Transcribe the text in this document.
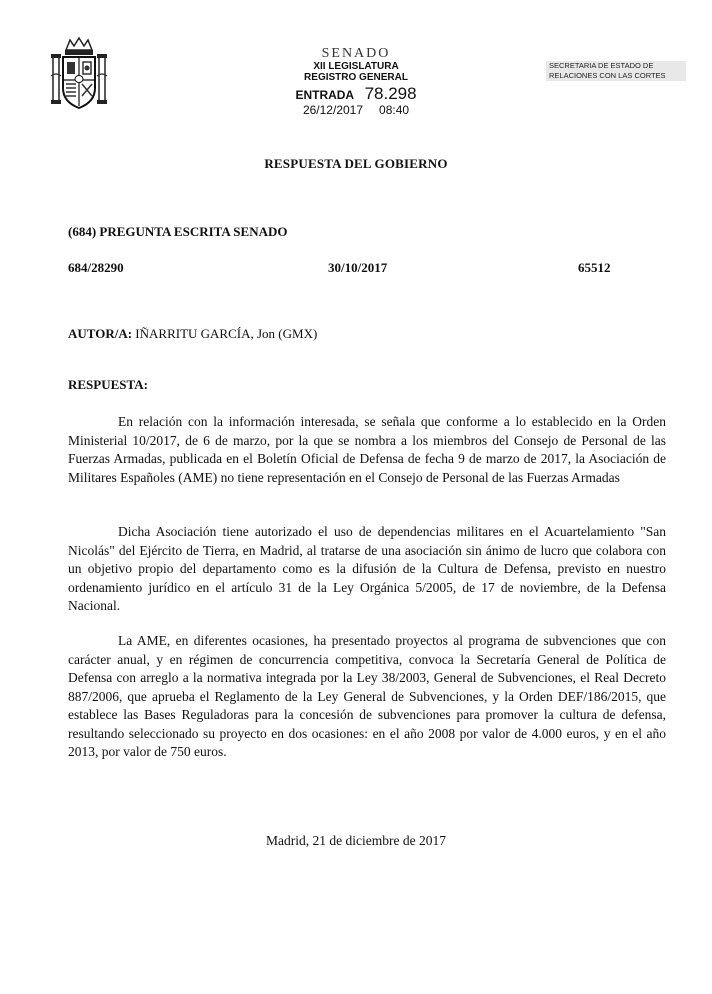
SENADO
XII LEGISLATURA
REGISTRO GENERAL
ENTRADA 78.298
26/12/2017 08:40
SECRETARIA DE ESTADO DE
RELACIONES CON LAS CORTES
RESPUESTA DEL GOBIERNO
(684) PREGUNTA ESCRITA SENADO
684/28290	30/10/2017	65512
AUTOR/A: IÑARRITU GARCÍA, Jon (GMX)
RESPUESTA:

En relación con la información interesada, se señala que conforme a lo establecido en la Orden Ministerial 10/2017, de 6 de marzo, por la que se nombra a los miembros del Consejo de Personal de las Fuerzas Armadas, publicada en el Boletín Oficial de Defensa de fecha 9 de marzo de 2017, la Asociación de Militares Españoles (AME) no tiene representación en el Consejo de Personal de las Fuerzas Armadas

Dicha Asociación tiene autorizado el uso de dependencias militares en el Acuartelamiento "San Nicolás" del Ejército de Tierra, en Madrid, al tratarse de una asociación sin ánimo de lucro que colabora con un objetivo propio del departamento como es la difusión de la Cultura de Defensa, previsto en nuestro ordenamiento jurídico en el artículo 31 de la Ley Orgánica 5/2005, de 17 de noviembre, de la Defensa Nacional.

La AME, en diferentes ocasiones, ha presentado proyectos al programa de subvenciones que con carácter anual, y en régimen de concurrencia competitiva, convoca la Secretaría General de Política de Defensa con arreglo a la normativa integrada por la Ley 38/2003, General de Subvenciones, el Real Decreto 887/2006, que aprueba el Reglamento de la Ley General de Subvenciones, y la Orden DEF/186/2015, que establece las Bases Reguladoras para la concesión de subvenciones para promover la cultura de defensa, resultando seleccionado su proyecto en dos ocasiones: en el año 2008 por valor de 4.000 euros, y en el año 2013, por valor de 750 euros.

Madrid, 21 de diciembre de 2017
